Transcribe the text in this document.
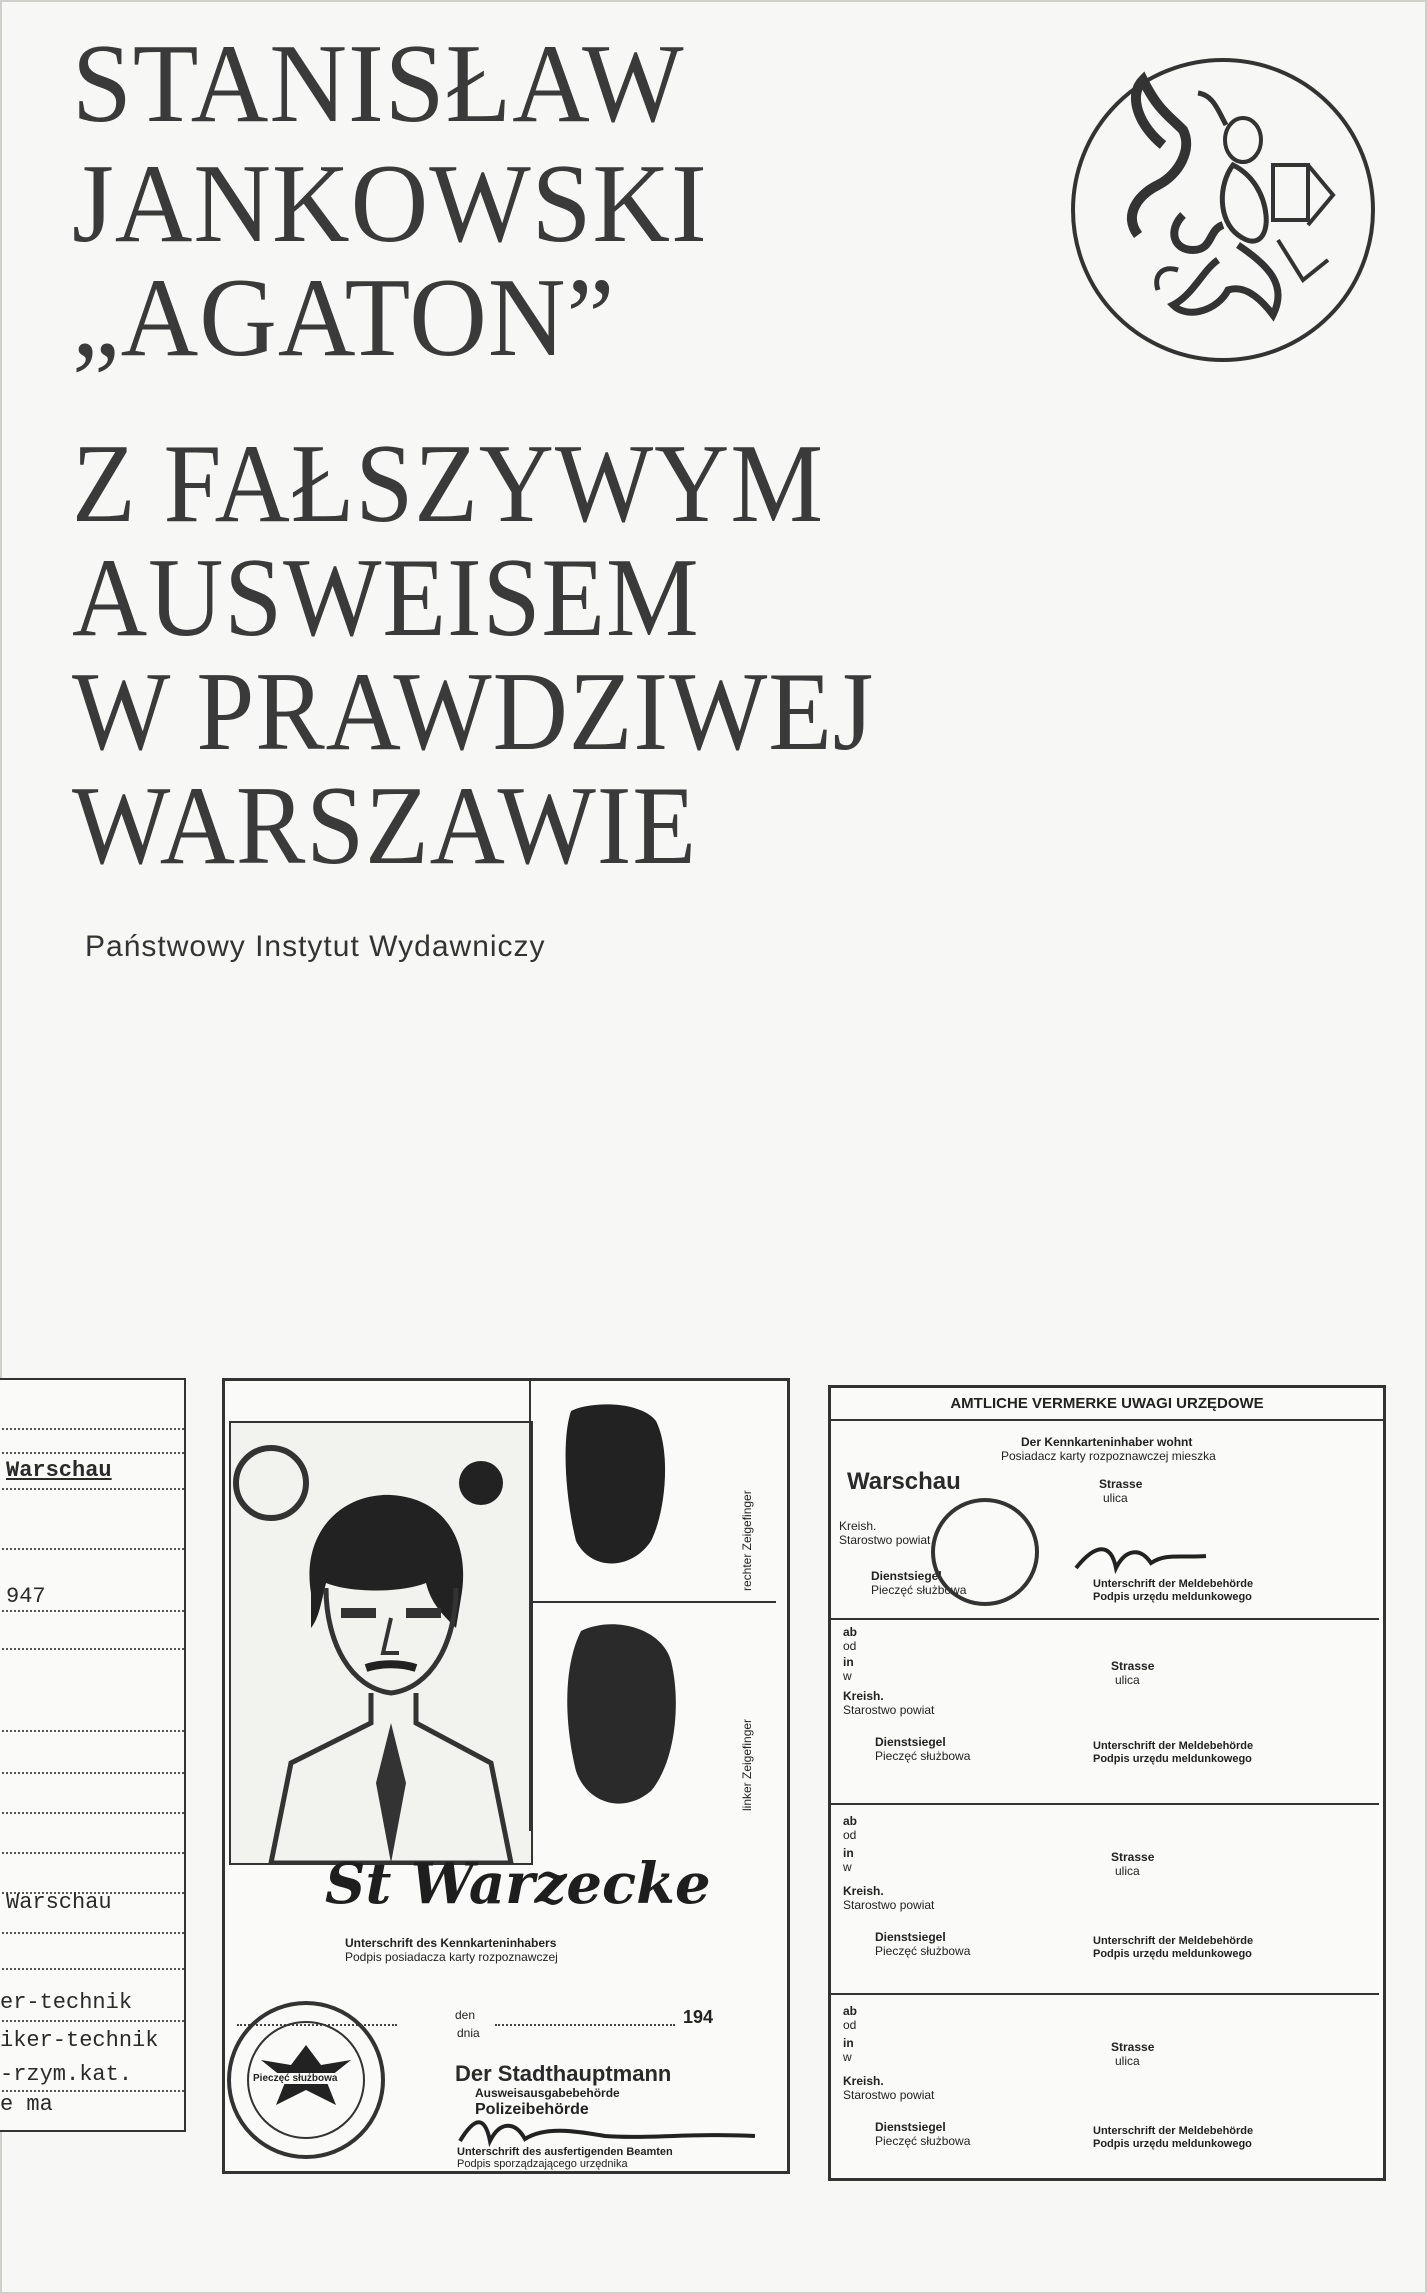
STANISŁAW
JANKOWSKI
„AGATON”
Z FAŁSZYWYM
AUSWEISEM
W PRAWDZIWEJ
WARSZAWIE
Państwowy Instytut Wydawniczy
Warschau
947
Warschau
er-technik
iker-technik
-rzym.kat.
e ma
rechter Zeigefinger
linker Zeigefinger
St Warzecke
Unterschrift des Kennkarteninhabers
Podpis posiadacza karty rozpoznawczej

den
dnia

194
Der Stadthauptmann
Ausweisausgabebehörde
Polizeibehörde
Unterschrift des ausfertigenden Beamten
Podpis sporządzającego urzędnika
Pieczęć służbowa
AMTLICHE VERMERKE UWAGI URZĘDOWE
Der Kennkarteninhaber wohnt
Posiadacz karty rozpoznawczej mieszka
Warschau	Strasse
ulica
Kreish.
Starostwo powiat
Dienstsiegel
Pieczęć służbowa	Unterschrift der Meldebehörde
Podpis urzędu meldunkowego
ab
od
in
w
Strasse
ulica
Kreish.
Starostwo powiat
Dienstsiegel
Pieczęć służbowa
Unterschrift der Meldebehörde
Podpis urzędu meldunkowego
ab
od
in
w
Strasse
ulica
Kreish.
Starostwo powiat
Dienstsiegel
Pieczęć służbowa
Unterschrift der Meldebehörde
Podpis urzędu meldunkowego
ab
od
in
w
Strasse
ulica
Kreish.
Starostwo powiat
Dienstsiegel
Pieczęć służbowa
Unterschrift der Meldebehörde
Podpis urzędu meldunkowego
